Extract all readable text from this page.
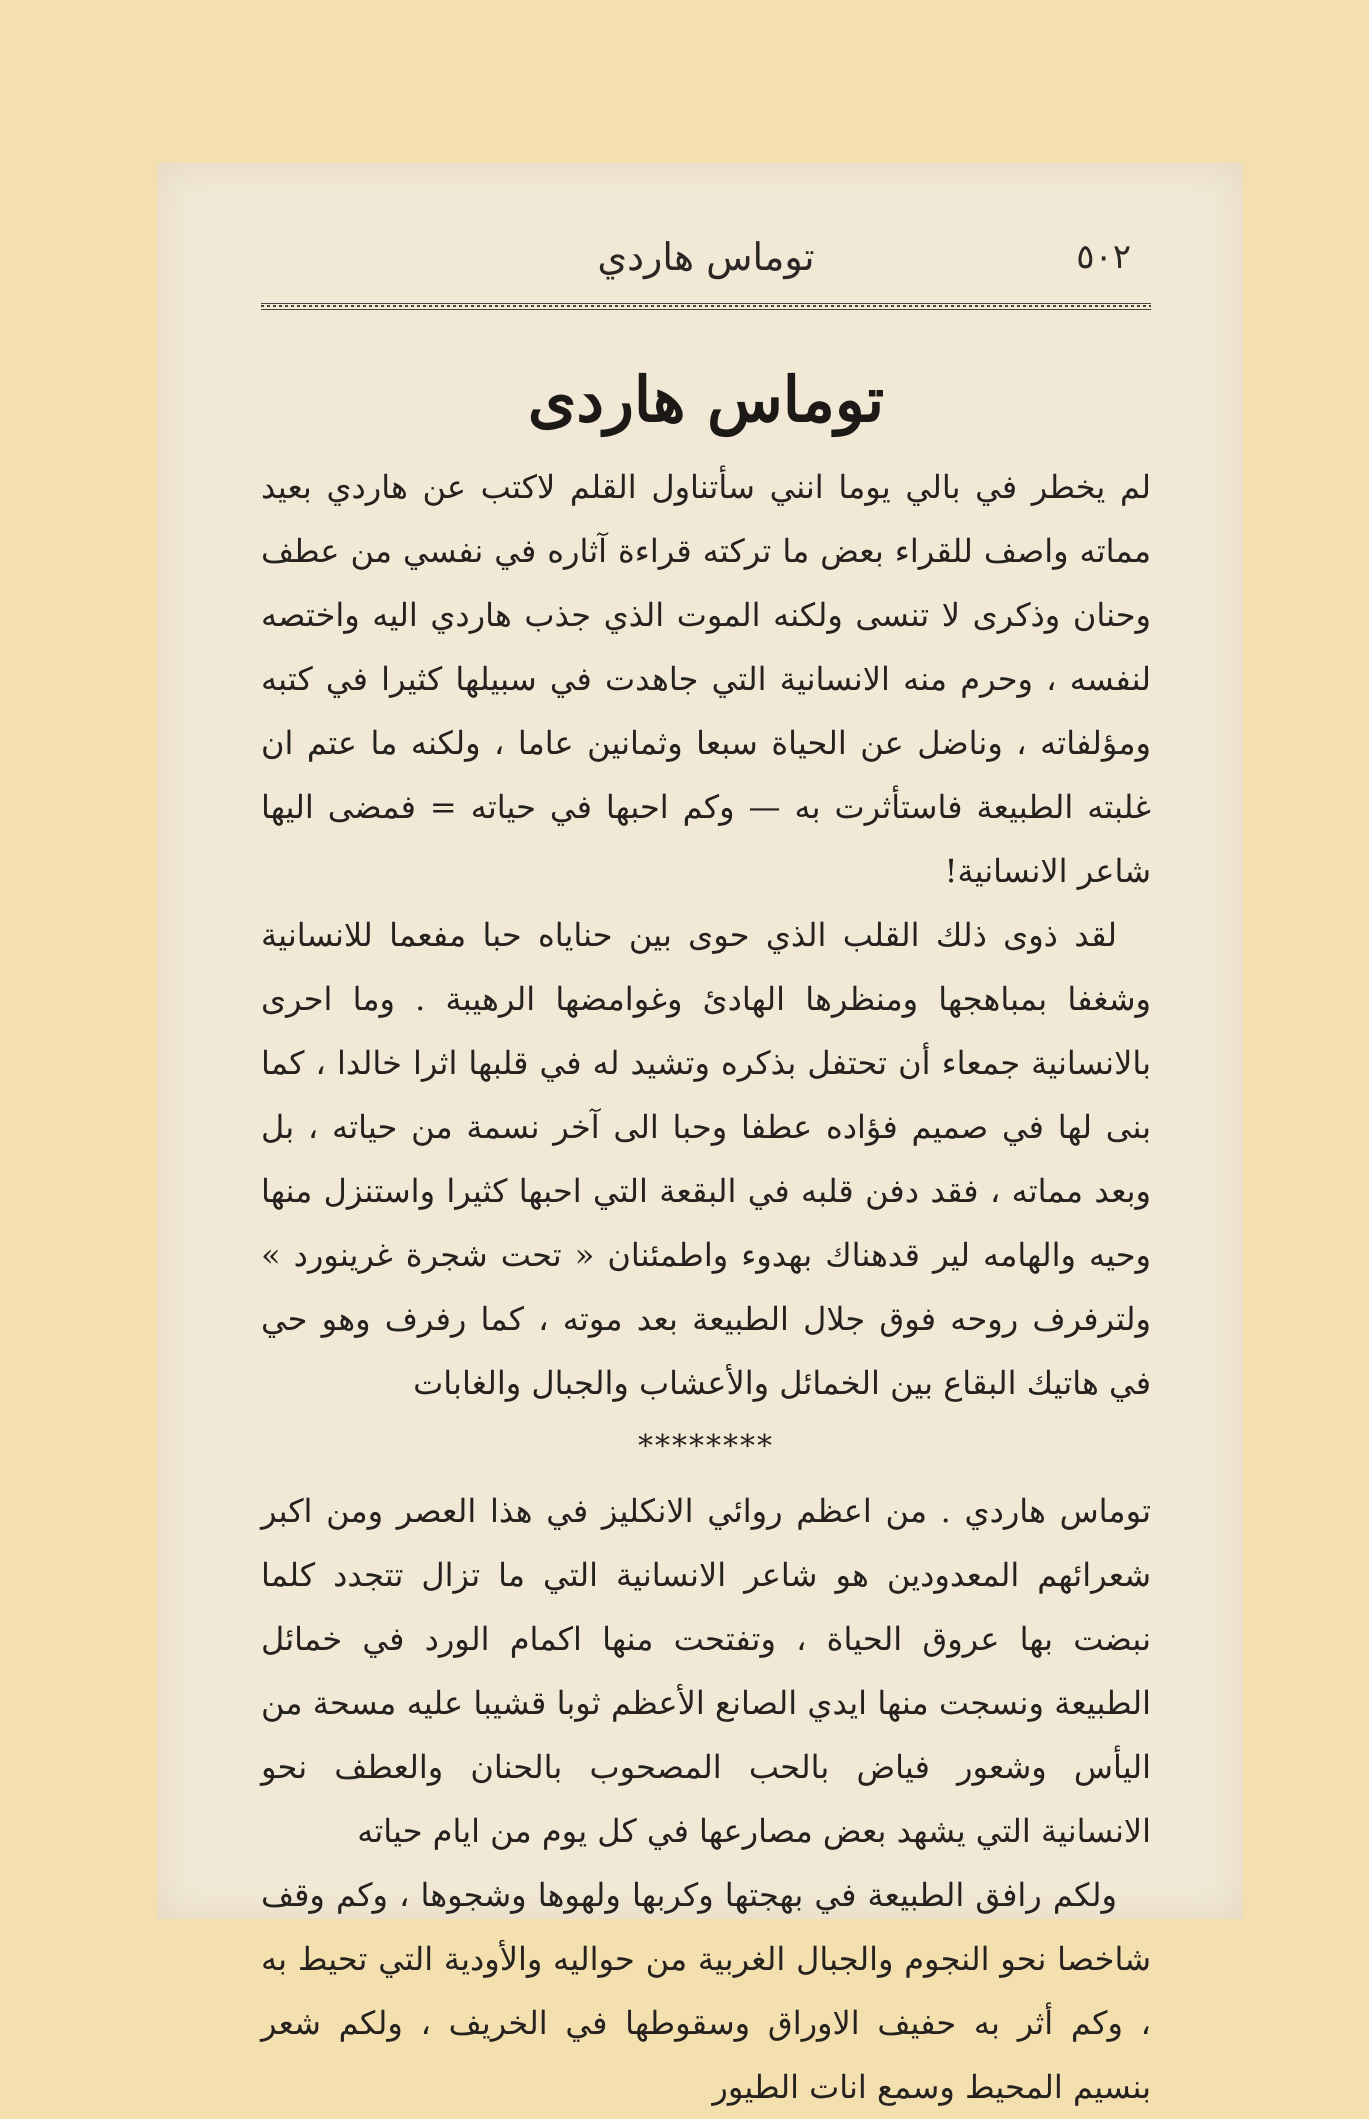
توماس هاردي	٥٠٢
توماس هاردى

لم يخطر في بالي يوما انني سأتناول القلم لاكتب عن هاردي بعيد مماته واصف للقراء بعض ما تركته قراءة آثاره في نفسي من عطف وحنان وذكرى لا تنسى ولكنه الموت الذي جذب هاردي اليه واختصه لنفسه ، وحرم منه الانسانية التي جاهدت في سبيلها كثيرا في كتبه ومؤلفاته ، وناضل عن الحياة سبعا وثمانين عاما ، ولكنه ما عتم ان غلبته الطبيعة فاستأثرت به — وكم احبها في حياته = فمضى اليها شاعر الانسانية!

لقد ذوى ذلك القلب الذي حوى بين حناياه حبا مفعما للانسانية وشغفا بمباهجها ومنظرها الهادئ وغوامضها الرهيبة . وما احرى بالانسانية جمعاء أن تحتفل بذكره وتشيد له في قلبها اثرا خالدا ، كما بنى لها في صميم فؤاده عطفا وحبا الى آخر نسمة من حياته ، بل وبعد مماته ، فقد دفن قلبه في البقعة التي احبها كثيرا واستنزل منها وحيه والهامه لير قدهناك بهدوء واطمئنان « تحت شجرة غرينورد » ولترفرف روحه فوق جلال الطبيعة بعد موته ، كما رفرف وهو حي في هاتيك البقاع بين الخمائل والأعشاب والجبال والغابات

********

توماس هاردي . من اعظم روائي الانكليز في هذا العصر ومن اكبر شعرائهم المعدودين هو شاعر الانسانية التي ما تزال تتجدد كلما نبضت بها عروق الحياة ، وتفتحت منها اكمام الورد في خمائل الطبيعة ونسجت منها ايدي الصانع الأعظم ثوبا قشيبا عليه مسحة من اليأس وشعور فياض بالحب المصحوب بالحنان والعطف نحو الانسانية التي يشهد بعض مصارعها في كل يوم من ايام حياته

ولكم رافق الطبيعة في بهجتها وكربها ولهوها وشجوها ، وكم وقف شاخصا نحو النجوم والجبال الغربية من حواليه والأودية التي تحيط به ، وكم أثر به حفيف الاوراق وسقوطها في الخريف ، ولكم شعر بنسيم المحيط وسمع انات الطيور
